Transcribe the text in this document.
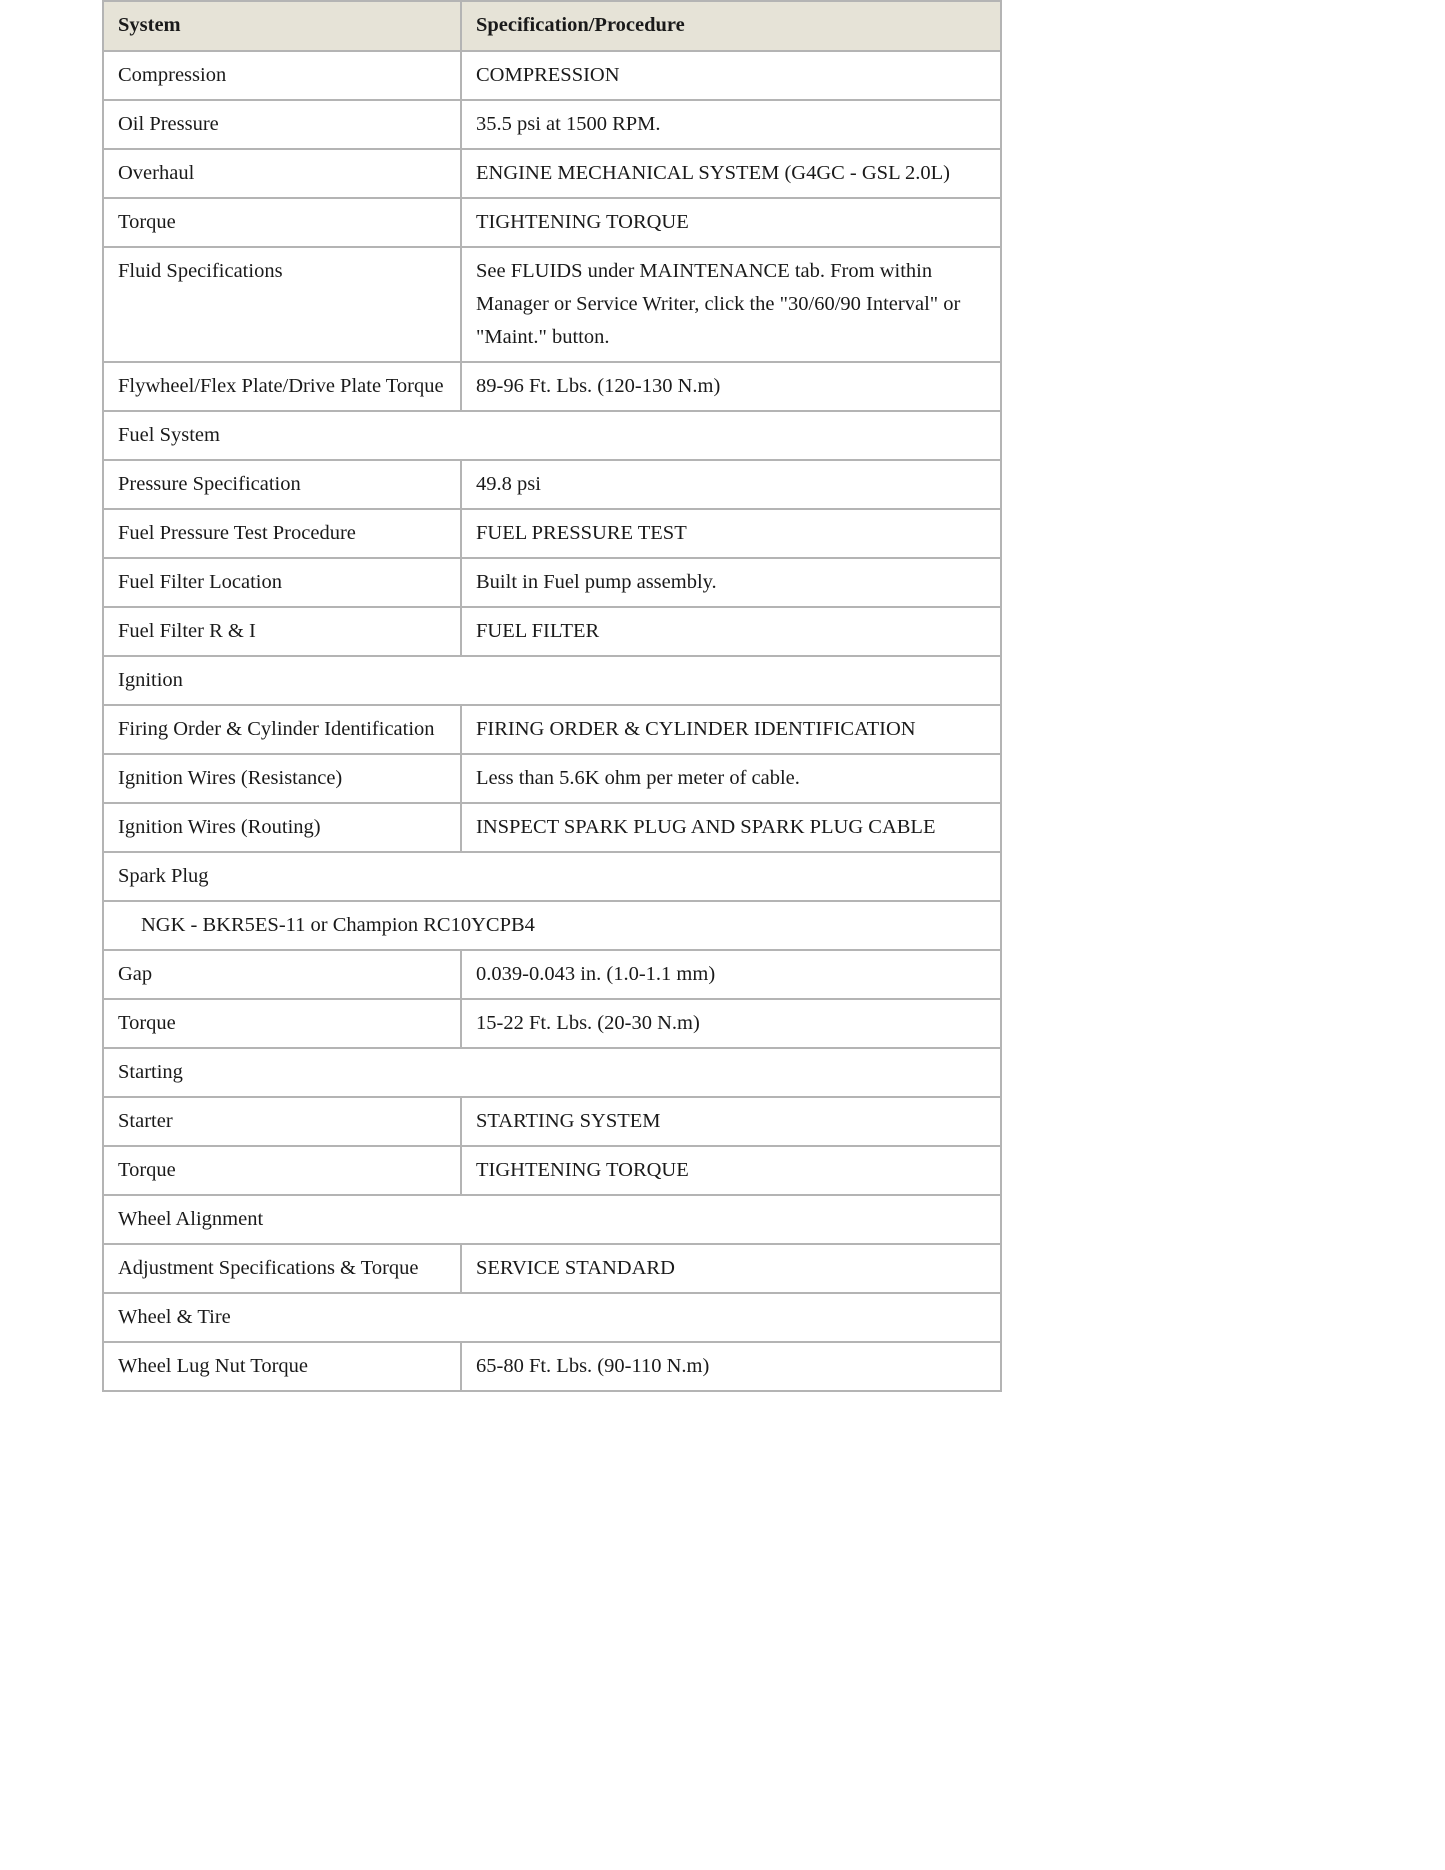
System	Specification/Procedure
Compression	COMPRESSION
Oil Pressure	35.5 psi at 1500 RPM.
Overhaul	ENGINE MECHANICAL SYSTEM (G4GC - GSL 2.0L)
Torque	TIGHTENING TORQUE
Fluid Specifications	See FLUIDS under MAINTENANCE tab. From within Manager or Service Writer, click the "30/60/90 Interval" or "Maint." button.
Flywheel/Flex Plate/Drive Plate Torque	89-96 Ft. Lbs. (120-130 N.m)
Fuel System	
Pressure Specification	49.8 psi
Fuel Pressure Test Procedure	FUEL PRESSURE TEST
Fuel Filter Location	Built in Fuel pump assembly.
Fuel Filter R & I	FUEL FILTER
Ignition	
Firing Order & Cylinder Identification	FIRING ORDER & CYLINDER IDENTIFICATION
Ignition Wires (Resistance)	Less than 5.6K ohm per meter of cable.
Ignition Wires (Routing)	INSPECT SPARK PLUG AND SPARK PLUG CABLE
Spark Plug	
NGK - BKR5ES-11 or Champion RC10YCPB4	
Gap	0.039-0.043 in. (1.0-1.1 mm)
Torque	15-22 Ft. Lbs. (20-30 N.m)
Starting	
Starter	STARTING SYSTEM
Torque	TIGHTENING TORQUE
Wheel Alignment	
Adjustment Specifications & Torque	SERVICE STANDARD
Wheel & Tire	
Wheel Lug Nut Torque	65-80 Ft. Lbs. (90-110 N.m)
